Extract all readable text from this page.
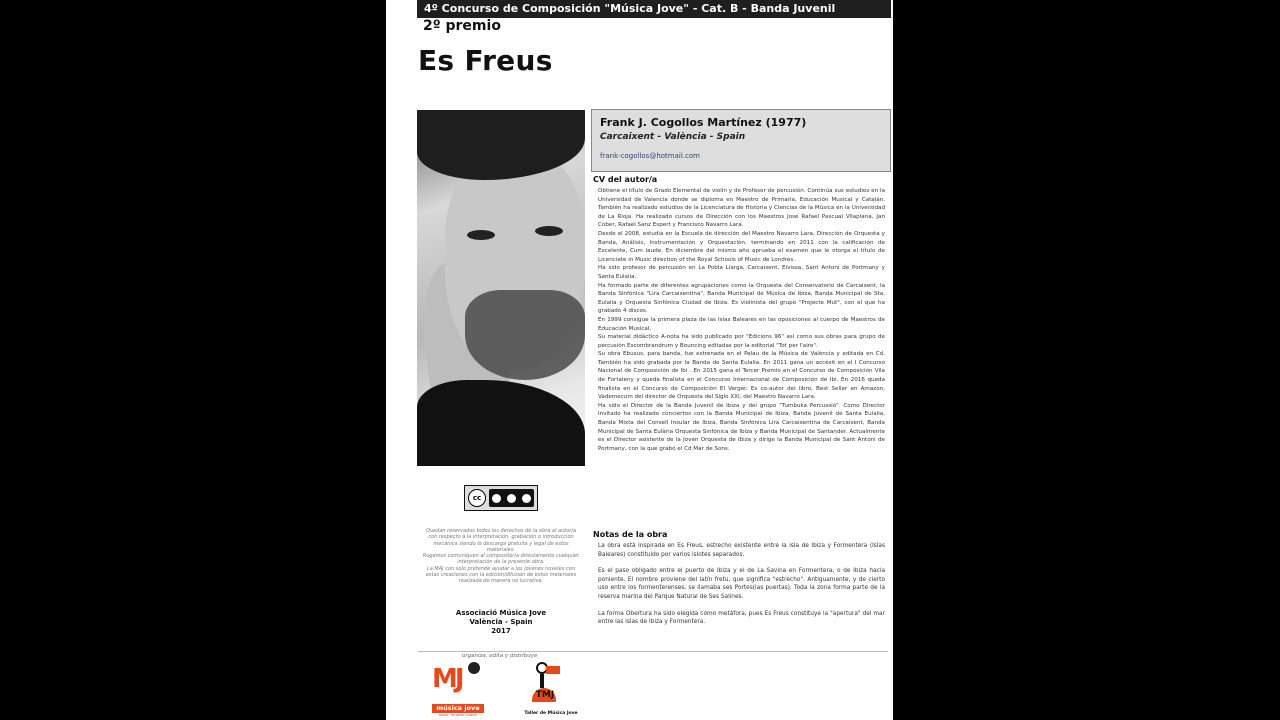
4º Concurso de Composición "Música Jove" - Cat. B - Banda Juvenil
2º premio
Es Freus
cc
Quedan reservados todos los derechos de la obra al autor/a
con respecto a la interpretación, grabación o introducción
mecánica siendo la descarga gratuita y legal de estos
materiales.
Rogamos comuniquen al compositor/a directamente cualquier
interpretación de la presente obra.
La MAJ con solo pretende ayudar a los jóvenes noveles con
estas creaciones con la edición/difusión de estos materiales
realizada de manera no lucrativa.
Associació Música Jove
València - Spain
2017
Frank J. Cogollos Martínez (1977)
Carcaixent - València - Spain
frank-cogollos@hotmail.com
CV del autor/a

Obtiene el título de Grado Elemental de violín y de Profesor de percusión. Continúa sus estudios en la Universidad de Valencia donde se diploma en Maestro de Primaria, Educación Musical y Catalán. También ha realizado estudios de la Licenciatura de Historia y Ciencias de la Música en la Universidad de La Rioja. Ha realizado cursos de Dirección con los Maestros Jose Rafael Pascual Vilaplana, Jan Cober, Rafael Sanz Espert y Francisco Navarro Lara.

Desde el 2008, estudia en la Escuela de dirección del Maestro Navarro Lara, Dirección de Orquesta y Banda, Análisis, Instrumentación y Orquestación, terminando en 2011 con la calificación de Excelente, Cum laude. En diciembre del mismo año aprueba el examen que le otorga el título de Licenciate in Music direction of the Royal Schools of Music de Londres.

Ha sido profesor de percusión en La Pobla Llarga, Carcaixent, Eivissa, Sant Antoni de Portmany y Santa Eulalia.

Ha formado parte de diferentes agrupaciones como la Orquesta del Conservatorio de Carcaixent, la Banda Sinfónica "Lira Carcaixentina", Banda Municipal de Música de Ibiza, Banda Municipal de Sta. Eulalia y Orquesta Sinfónica Ciudad de Ibiza. Es violinista del grupo "Projecte Mut", con el que ha grabado 4 discos.

En 1999 consigue la primera plaza de las Islas Baleares en las oposiciones al cuerpo de Maestros de Educación Musical.

Su material didáctico A-nota ha sido publicado por "Edicions 96" así como sus obras para grupo de percusión Escombrandrum y Bouncing editadas por la editorial "Tot per l'aire".

Su obra Ebusus, para banda, fue estrenada en el Palau de la Música de València y editada en Cd. También ha sido grabada por la Banda de Santa Eulalia. En 2011 gana un accésit en el I Concurso Nacional de Composición de Ibi . En 2015 gana el Tercer Premio en el Concurso de Composición Vila de Fortaleny y queda finalista en el Concurso Internacional de Composición de Ibi. En 2016 queda finalista en el Concurso de Composición El Verger. Es co-autor del libro, Best Seller en Amazon, Vademecum del director de Orquesta del Siglo XXI, del Maestro Navarro Lara.

Ha sido el Director de la Banda Juvenil de Ibiza y del grupo "Tumbuka Percussió". Como Director Invitado ha realizado conciertos con la Banda Municipal de Ibiza, Banda Juvenil de Santa Eulalia, Banda Mixta del Consell Insular de Ibiza, Banda Sinfónica Lira Carcaixentina de Carcaixent, Banda Municipal de Santa Eulària Orquesta Sinfónica de Ibiza y Banda Municipal de Santander. Actualmente es el Director asistente de la Joven Orquesta de Ibiza y dirige la Banda Municipal de Sant Antoni de Portmany, con la que grabó el Cd Mar de Sons.

Notas de la obra

La obra está inspirada en Es Freus, estrecho existente entre la isla de Ibiza y Formentera (Islas Baleares) constituido por varios islotes separados.

Es el paso obligado entre el puerto de Ibiza y el de La Savina en Formentera, o de Ibiza hacia poniente. El nombre proviene del latín fretu, que significa "estrecho". Antiguamente, y de cierto uso entre los formenterenses, se llamaba ses Portes(las puertas). Toda la zona forma parte de la reserva marina del Parque Natural de Ses Salines.

La forma Obertura ha sido elegida como metáfora, pues Es Freus constituye la "apertura" del mar entre las islas de Ibiza y Formentera.

organiza, edita y distribuye
MJ
música jove
assoc. musical juvenil
TMJ
Taller de Música Jove
